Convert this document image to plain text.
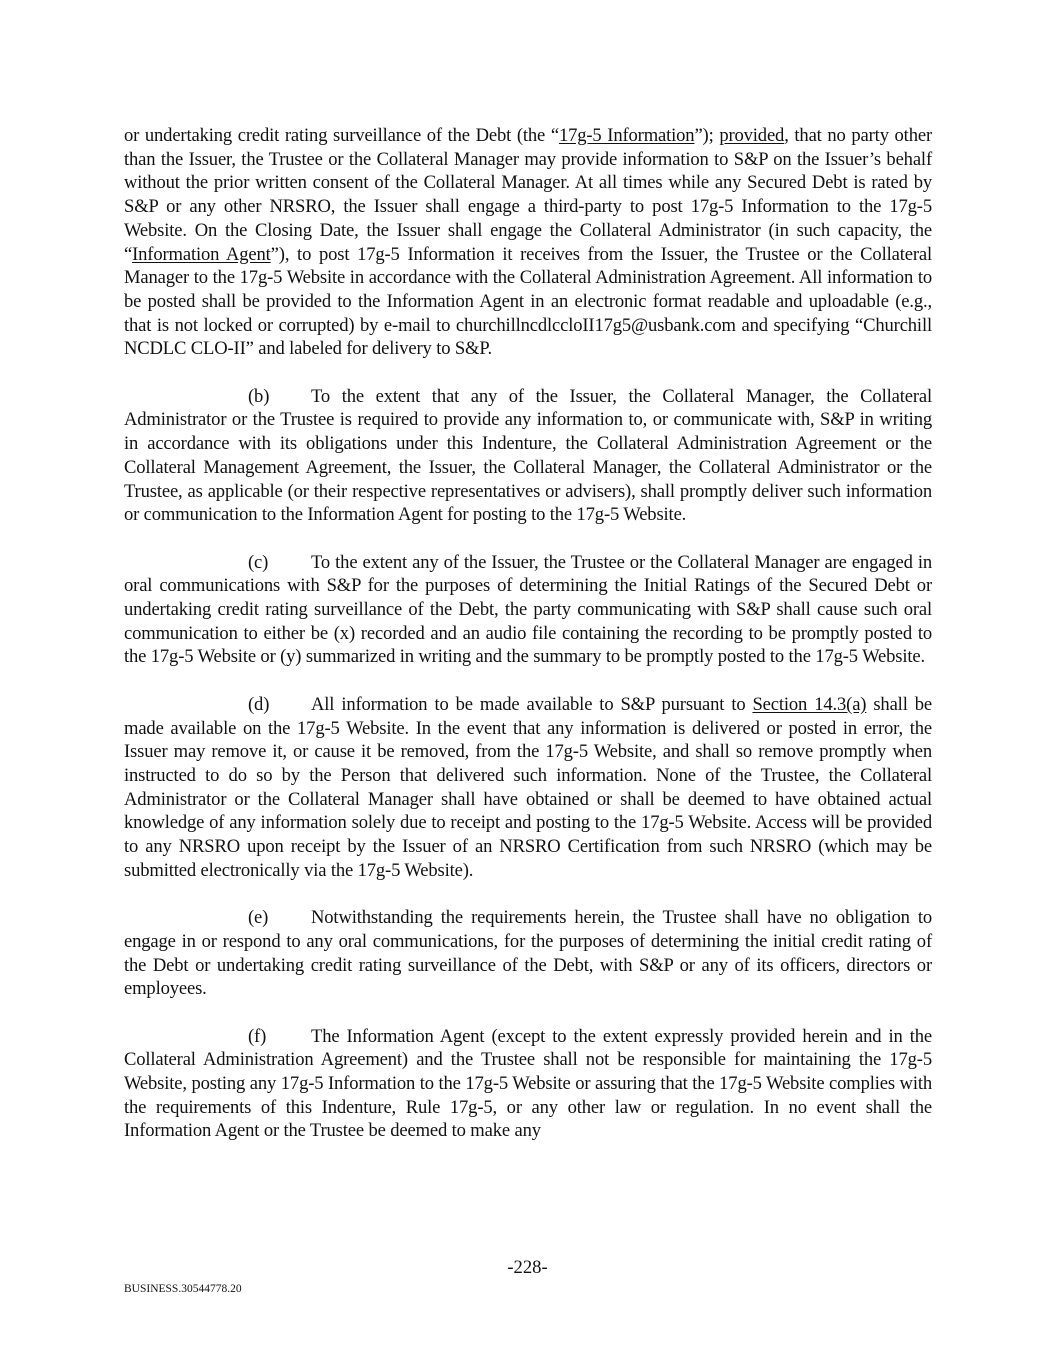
or undertaking credit rating surveillance of the Debt (the “17g-5 Information”); provided, that no party other than the Issuer, the Trustee or the Collateral Manager may provide information to S&P on the Issuer’s behalf without the prior written consent of the Collateral Manager. At all times while any Secured Debt is rated by S&P or any other NRSRO, the Issuer shall engage a third-party to post 17g-5 Information to the 17g-5 Website. On the Closing Date, the Issuer shall engage the Collateral Administrator (in such capacity, the “Information Agent”), to post 17g-5 Information it receives from the Issuer, the Trustee or the Collateral Manager to the 17g-5 Website in accordance with the Collateral Administration Agreement. All information to be posted shall be provided to the Information Agent in an electronic format readable and uploadable (e.g., that is not locked or corrupted) by e-mail to churchillncdlccloII17g5@usbank.com and specifying “Churchill NCDLC CLO-II” and labeled for delivery to S&P.

(b) To the extent that any of the Issuer, the Collateral Manager, the Collateral Administrator or the Trustee is required to provide any information to, or communicate with, S&P in writing in accordance with its obligations under this Indenture, the Collateral Administration Agreement or the Collateral Management Agreement, the Issuer, the Collateral Manager, the Collateral Administrator or the Trustee, as applicable (or their respective representatives or advisers), shall promptly deliver such information or communication to the Information Agent for posting to the 17g-5 Website.

(c) To the extent any of the Issuer, the Trustee or the Collateral Manager are engaged in oral communications with S&P for the purposes of determining the Initial Ratings of the Secured Debt or undertaking credit rating surveillance of the Debt, the party communicating with S&P shall cause such oral communication to either be (x) recorded and an audio file containing the recording to be promptly posted to the 17g-5 Website or (y) summarized in writing and the summary to be promptly posted to the 17g-5 Website.

(d) All information to be made available to S&P pursuant to Section 14.3(a) shall be made available on the 17g-5 Website. In the event that any information is delivered or posted in error, the Issuer may remove it, or cause it be removed, from the 17g-5 Website, and shall so remove promptly when instructed to do so by the Person that delivered such information. None of the Trustee, the Collateral Administrator or the Collateral Manager shall have obtained or shall be deemed to have obtained actual knowledge of any information solely due to receipt and posting to the 17g-5 Website. Access will be provided to any NRSRO upon receipt by the Issuer of an NRSRO Certification from such NRSRO (which may be submitted electronically via the 17g-5 Website).

(e) Notwithstanding the requirements herein, the Trustee shall have no obligation to engage in or respond to any oral communications, for the purposes of determining the initial credit rating of the Debt or undertaking credit rating surveillance of the Debt, with S&P or any of its officers, directors or employees.

(f) The Information Agent (except to the extent expressly provided herein and in the Collateral Administration Agreement) and the Trustee shall not be responsible for maintaining the 17g-5 Website, posting any 17g-5 Information to the 17g-5 Website or assuring that the 17g-5 Website complies with the requirements of this Indenture, Rule 17g-5, or any other law or regulation. In no event shall the Information Agent or the Trustee be deemed to make any

-228-
BUSINESS.30544778.20
